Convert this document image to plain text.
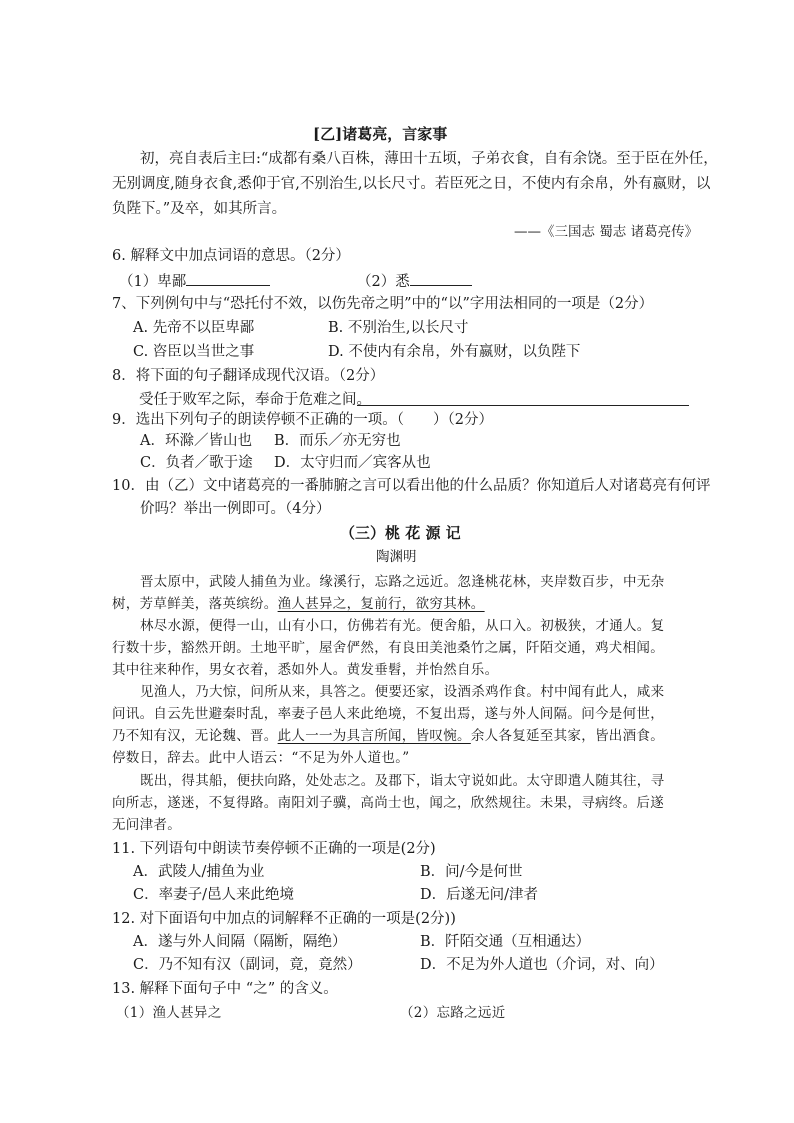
[乙]诸葛亮，言家事
初，亮自表后主曰:“成都有桑八百株，薄田十五顷，子弟衣食，自有余饶。至于臣在外任，
无别调度,随身衣食,悉仰于官,不别治生,以长尺寸。若臣死之日，不使内有余帛，外有嬴财，以
负陛下。”及卒，如其所言。
——《三国志 蜀志 诸葛亮传》
6. 解释文中加点词语的意思。（2分）
（1）卑鄙	（2）悉
7、下列例句中与“恐托付不效，以伤先帝之明”中的“以”字用法相同的一项是（2分）
A. 先帝不以臣卑鄙	B. 不别治生,以长尺寸
C. 咨臣以当世之事	D. 不使内有余帛，外有嬴财，以负陛下
8．将下面的句子翻译成现代汉语。（2分）
受任于败军之际，奉命于危难之间。
9．选出下列句子的朗读停顿不正确的一项。（　　）（2分）
A．环滁／皆山也 B．而乐／亦无穷也
C．负者／歌于途 D．太守归而／宾客从也
10．由（乙）文中诸葛亮的一番肺腑之言可以看出他的什么品质？你知道后人对诸葛亮有何评
价吗？举出一例即可。（4分）
（三）桃 花 源 记
陶渊明
晋太原中，武陵人捕鱼为业。缘溪行，忘路之远近。忽逢桃花林，夹岸数百步，中无杂
树，芳草鲜美，落英缤纷。渔人甚异之，复前行，欲穷其林。
林尽水源，便得一山，山有小口，仿佛若有光。便舍船，从口入。初极狭，才通人。复
行数十步，豁然开朗。土地平旷，屋舍俨然，有良田美池桑竹之属，阡陌交通，鸡犬相闻。
其中往来种作，男女衣着，悉如外人。黄发垂髫，并怡然自乐。
见渔人，乃大惊，问所从来，具答之。便要还家，设酒杀鸡作食。村中闻有此人，咸来
问讯。自云先世避秦时乱，率妻子邑人来此绝境，不复出焉，遂与外人间隔。问今是何世，
乃不知有汉，无论魏、晋。此人一一为具言所闻，皆叹惋。余人各复延至其家，皆出酒食。
停数日，辞去。此中人语云：“不足为外人道也。”
既出，得其船，便扶向路，处处志之。及郡下，诣太守说如此。太守即遣人随其往，寻
向所志，遂迷，不复得路。南阳刘子骥，高尚士也，闻之，欣然规往。未果，寻病终。后遂
无问津者。
11. 下列语句中朗读节奏停顿不正确的一项是(2分)
A．武陵人/捕鱼为业	B．问/今是何世
C．率妻子/邑人来此绝境	D．后遂无问/津者
12. 对下面语句中加点的词解释不正确的一项是(2分))
A．遂与外人间隔（隔断，隔绝）	B．阡陌交通（互相通达）
C．乃不知有汉（副词，竟，竟然）	D．不足为外人道也（介词，对、向）
13. 解释下面句子中 “之” 的含义。
（1）渔人甚异之	（2）忘路之远近
